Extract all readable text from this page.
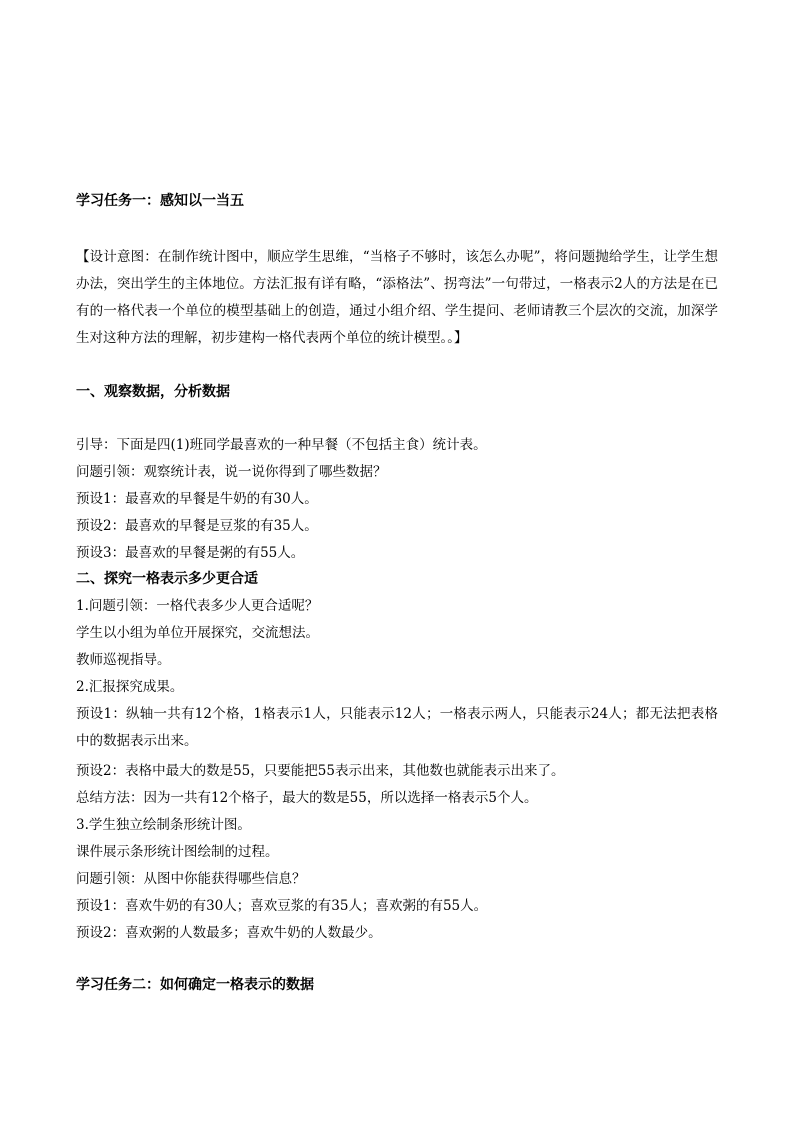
学习任务一：感知以一当五
【设计意图：在制作统计图中，顺应学生思维，“当格子不够时，该怎么办呢”，将问题抛给学生，让学生想办法，突出学生的主体地位。方法汇报有详有略，“添格法”、拐弯法”一句带过，一格表示2人的方法是在已有的一格代表一个单位的模型基础上的创造，通过小组介绍、学生提问、老师请教三个层次的交流，加深学生对这种方法的理解，初步建构一格代表两个单位的统计模型。。】
一、观察数据，分析数据
引导：下面是四(1)班同学最喜欢的一种早餐（不包括主食）统计表。
问题引领：观察统计表，说一说你得到了哪些数据？
预设1：最喜欢的早餐是牛奶的有30人。
预设2：最喜欢的早餐是豆浆的有35人。
预设3：最喜欢的早餐是粥的有55人。
二、探究一格表示多少更合适
1.问题引领：一格代表多少人更合适呢？
学生以小组为单位开展探究，交流想法。
教师巡视指导。
2.汇报探究成果。
预设1：纵轴一共有12个格，1格表示1人，只能表示12人；一格表示两人，只能表示24人；都无法把表格中的数据表示出来。
预设2：表格中最大的数是55，只要能把55表示出来，其他数也就能表示出来了。
总结方法：因为一共有12个格子，最大的数是55，所以选择一格表示5个人。
3.学生独立绘制条形统计图。
课件展示条形统计图绘制的过程。
问题引领：从图中你能获得哪些信息？
预设1：喜欢牛奶的有30人；喜欢豆浆的有35人；喜欢粥的有55人。
预设2：喜欢粥的人数最多；喜欢牛奶的人数最少。
学习任务二：如何确定一格表示的数据
